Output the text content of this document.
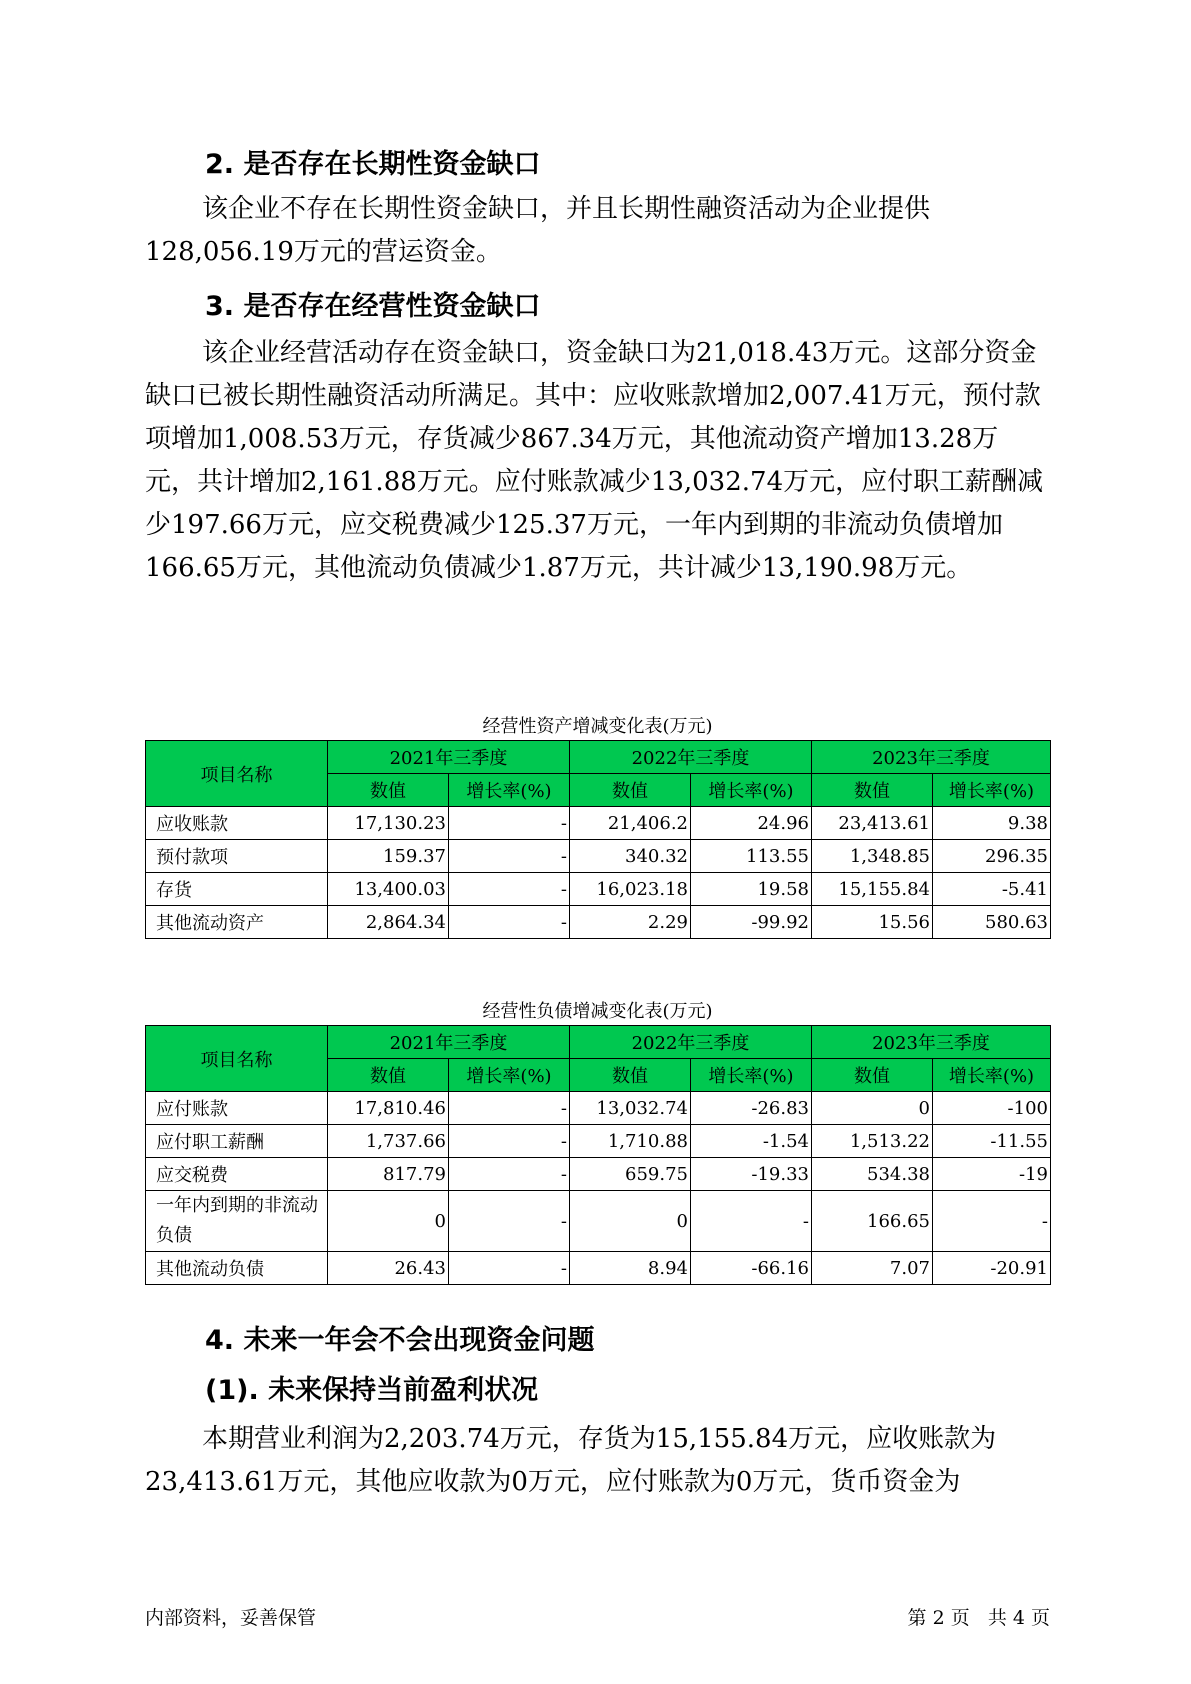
2. 是否存在长期性资金缺口

该企业不存在长期性资金缺口，并且长期性融资活动为企业提供128,056.19万元的营运资金。

3. 是否存在经营性资金缺口

该企业经营活动存在资金缺口，资金缺口为21,018.43万元。这部分资金缺口已被长期性融资活动所满足。其中：应收账款增加2,007.41万元，预付款项增加1,008.53万元，存货减少867.34万元，其他流动资产增加13.28万元，共计增加2,161.88万元。应付账款减少13,032.74万元，应付职工薪酬减少197.66万元，应交税费减少125.37万元，一年内到期的非流动负债增加166.65万元，其他流动负债减少1.87万元，共计减少13,190.98万元。

经营性资产增减变化表(万元)

项目名称	2021年三季度		2022年三季度		2023年三季度	
	数值	增长率(%)	数值	增长率(%)	数值	增长率(%)
应收账款	17,130.23	-	21,406.2	24.96	23,413.61	9.38
预付款项	159.37	-	340.32	113.55	1,348.85	296.35
存货	13,400.03	-	16,023.18	19.58	15,155.84	-5.41
其他流动资产	2,864.34	-	2.29	-99.92	15.56	580.63

经营性负债增减变化表(万元)

项目名称	2021年三季度		2022年三季度		2023年三季度	
	数值	增长率(%)	数值	增长率(%)	数值	增长率(%)
应付账款	17,810.46	-	13,032.74	-26.83	0	-100
应付职工薪酬	1,737.66	-	1,710.88	-1.54	1,513.22	-11.55
应交税费	817.79	-	659.75	-19.33	534.38	-19
一年内到期的非流动负债	0	-	0	-	166.65	-
其他流动负债	26.43	-	8.94	-66.16	7.07	-20.91
4. 未来一年会不会出现资金问题
(1). 未来保持当前盈利状况

本期营业利润为2,203.74万元，存货为15,155.84万元，应收账款为23,413.61万元，其他应收款为0万元，应付账款为0万元，货币资金为

内部资料，妥善保管	第 2 页   共 4 页
